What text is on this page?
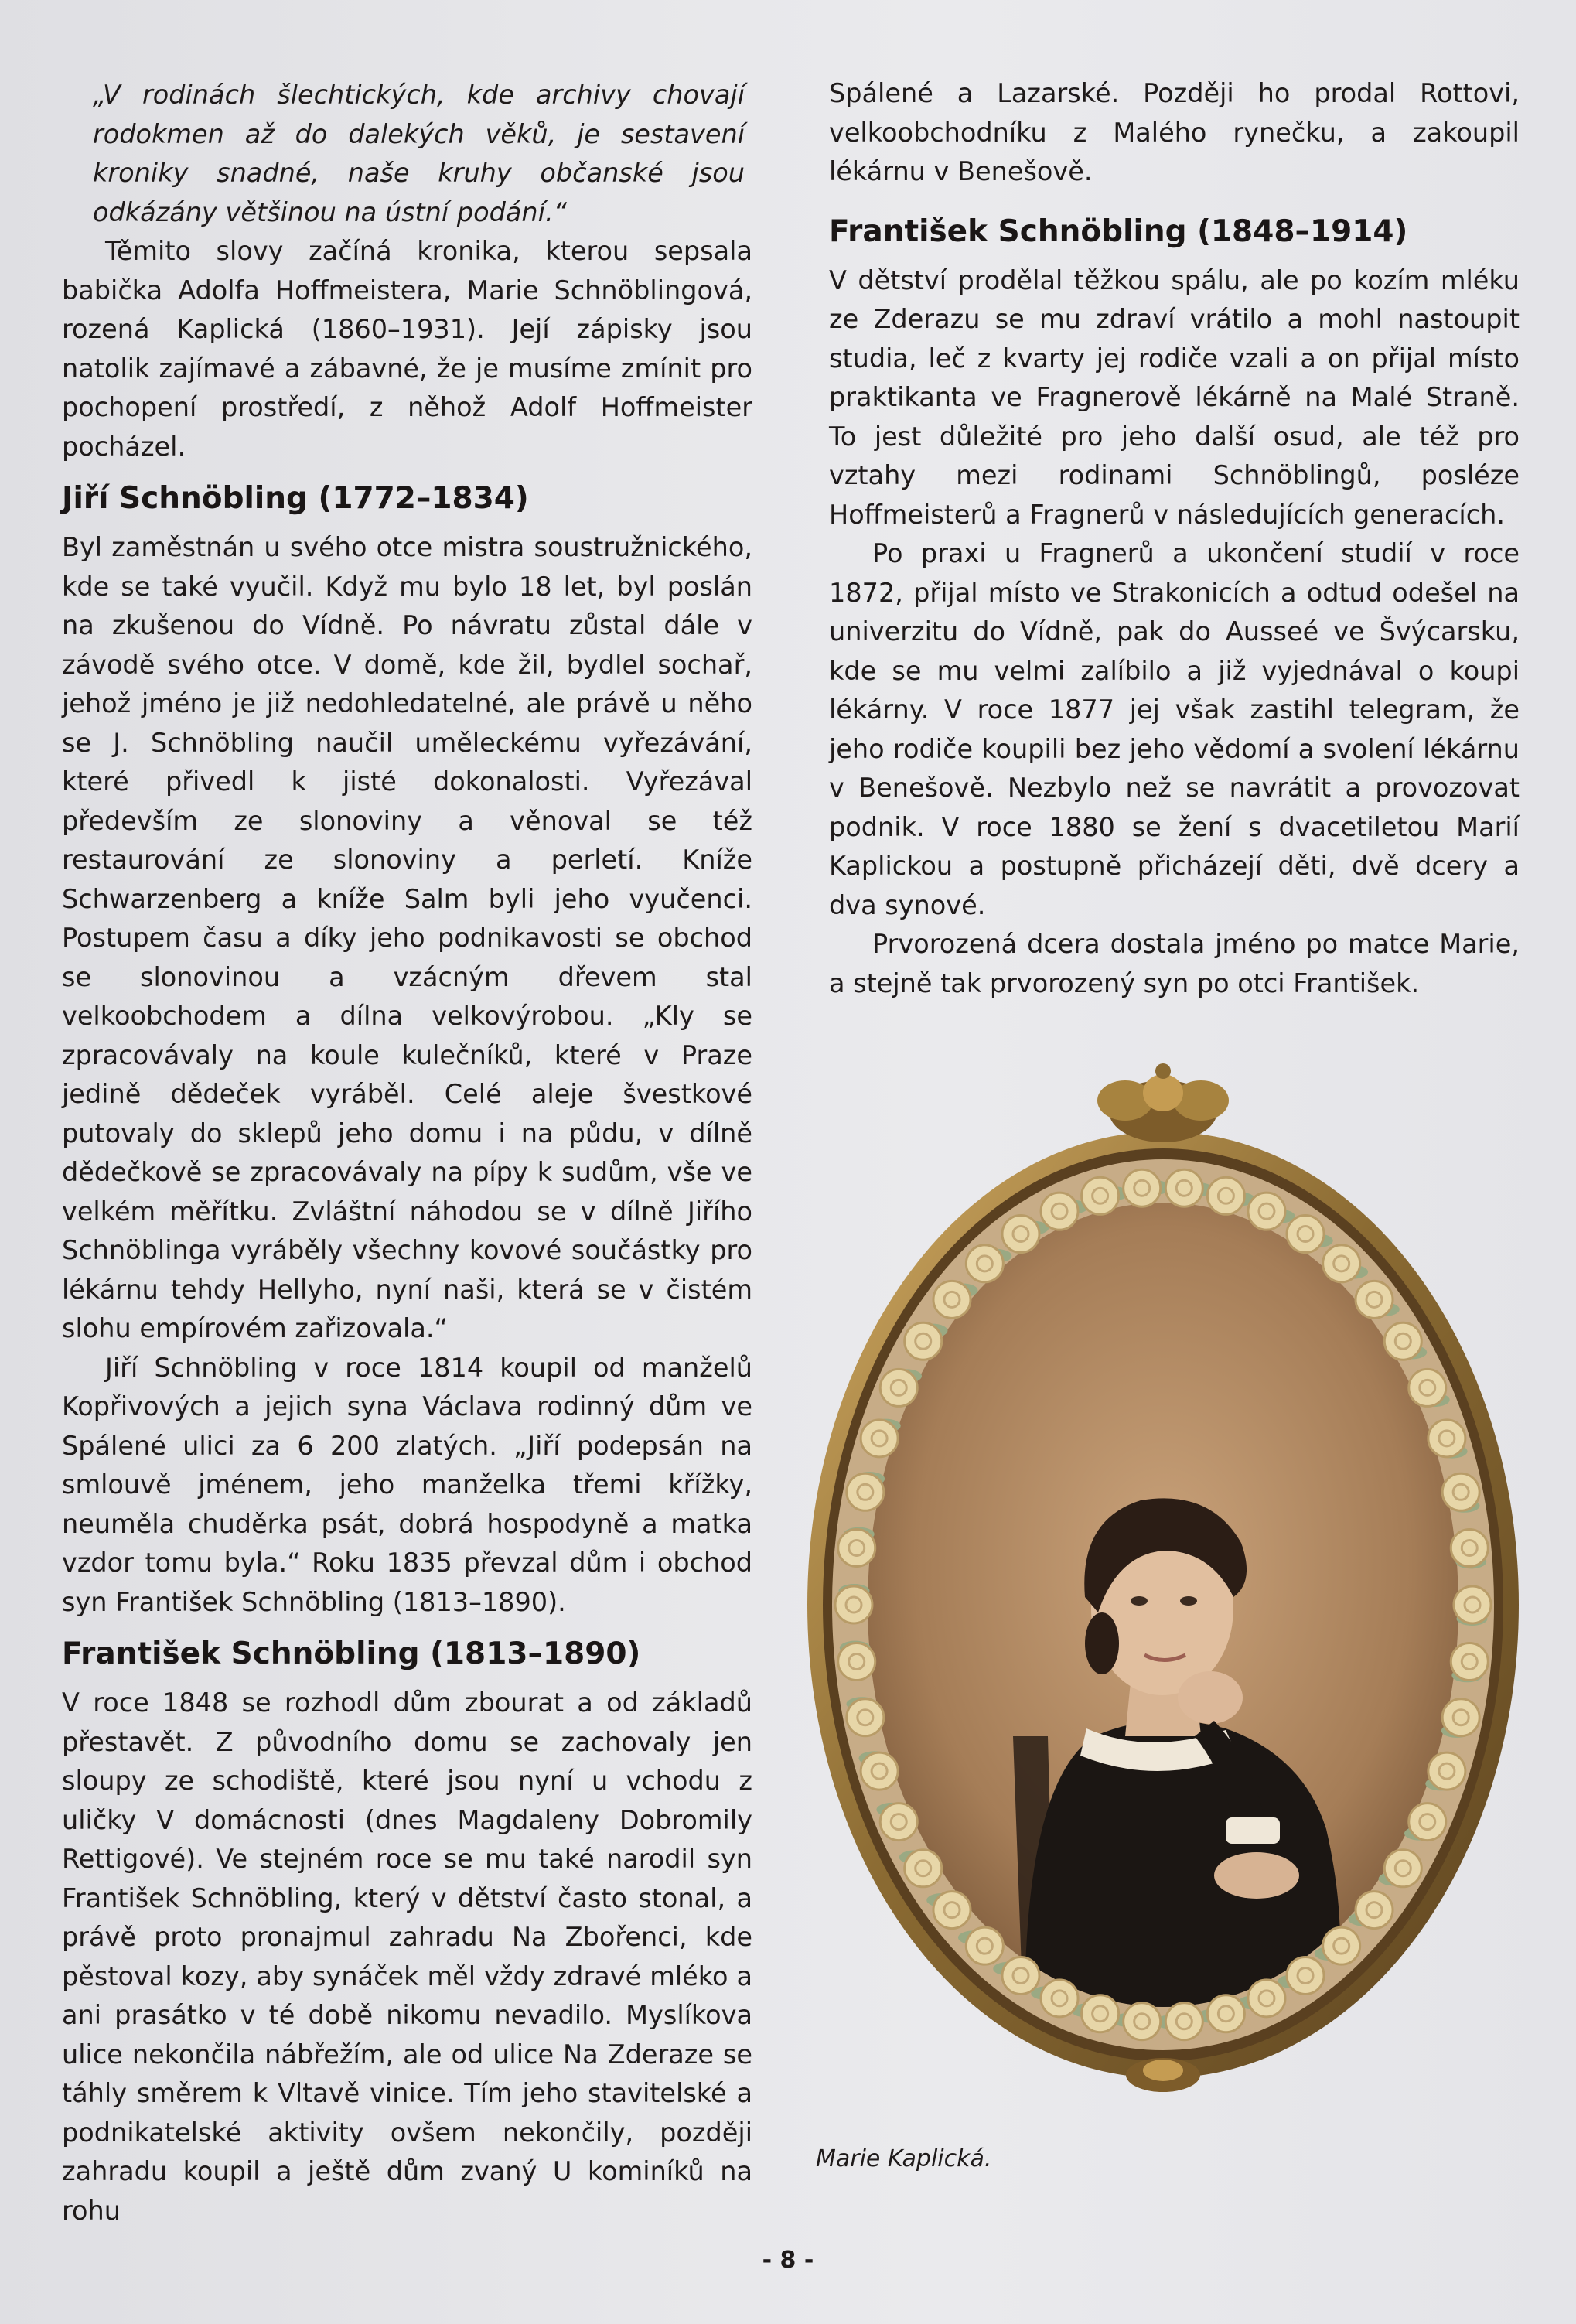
„V rodinách šlechtických, kde archivy chovají rodokmen až do dalekých věků, je sestavení kroniky snadné, naše kruhy občanské jsou odkázány většinou na ústní podání.“

Těmito slovy začíná kronika, kterou sepsala babička Adolfa Hoffmeistera, Marie Schnöblingová, rozená Kaplická (1860–1931). Její zápisky jsou natolik zajímavé a zábavné, že je musíme zmínit pro pochopení prostředí, z něhož Adolf Hoffmeister pocházel.

Jiří Schnöbling (1772–1834)

Byl zaměstnán u svého otce mistra soustružnického, kde se také vyučil. Když mu bylo 18 let, byl poslán na zkušenou do Vídně. Po návratu zůstal dále v závodě svého otce. V domě, kde žil, bydlel sochař, jehož jméno je již nedohledatelné, ale právě u něho se J. Schnöbling naučil uměleckému vyřezávání, které přivedl k jisté dokonalosti. Vyřezával především ze slonoviny a věnoval se též restaurování ze slonoviny a perletí. Kníže Schwarzenberg a kníže Salm byli jeho vyučenci. Postupem času a díky jeho podnikavosti se obchod se slonovinou a vzácným dřevem stal velkoobchodem a dílna velkovýrobou. „Kly se zpracovávaly na koule kulečníků, které v Praze jedině dědeček vyráběl. Celé aleje švestkové putovaly do sklepů jeho domu i na půdu, v dílně dědečkově se zpracovávaly na pípy k sudům, vše ve velkém měřítku. Zvláštní náhodou se v dílně Jiřího Schnöblinga vyráběly všechny kovové součástky pro lékárnu tehdy Hellyho, nyní naši, která se v čistém slohu empírovém zařizovala.“

Jiří Schnöbling v roce 1814 koupil od manželů Kopřivových a jejich syna Václava rodinný dům ve Spálené ulici za 6 200 zlatých. „Jiří podepsán na smlouvě jménem, jeho manželka třemi křížky, neuměla chuděrka psát, dobrá hospodyně a matka vzdor tomu byla.“ Roku 1835 převzal dům i obchod syn František Schnöbling (1813–1890).

František Schnöbling (1813–1890)

V roce 1848 se rozhodl dům zbourat a od základů přestavět. Z původního domu se zachovaly jen sloupy ze schodiště, které jsou nyní u vchodu z uličky V domácnosti (dnes Magdaleny Dobromily Rettigové). Ve stejném roce se mu také narodil syn František Schnöbling, který v dětství často stonal, a právě proto pronajmul zahradu Na Zbořenci, kde pěstoval kozy, aby synáček měl vždy zdravé mléko a ani prasátko v té době nikomu nevadilo. Myslíkova ulice nekončila nábřežím, ale od ulice Na Zderaze se táhly směrem k Vltavě vinice. Tím jeho stavitelské a podnikatelské aktivity ovšem nekončily, později zahradu koupil a ještě dům zvaný U kominíků na rohu

Spálené a Lazarské. Později ho prodal Rottovi, velkoobchodníku z Malého rynečku, a zakoupil lékárnu v Benešově.

František Schnöbling (1848–1914)

V dětství prodělal těžkou spálu, ale po kozím mléku ze Zderazu se mu zdraví vrátilo a mohl nastoupit studia, leč z kvarty jej rodiče vzali a on přijal místo praktikanta ve Fragnerově lékárně na Malé Straně. To jest důležité pro jeho další osud, ale též pro vztahy mezi rodinami Schnöblingů, posléze Hoffmeisterů a Fragnerů v následujících generacích.

Po praxi u Fragnerů a ukončení studií v roce 1872, přijal místo ve Strakonicích a odtud odešel na univerzitu do Vídně, pak do Ausseé ve Švýcarsku, kde se mu velmi zalíbilo a již vyjednával o koupi lékárny. V roce 1877 jej však zastihl telegram, že jeho rodiče koupili bez jeho vědomí a svolení lékárnu v Benešově. Nezbylo než se navrátit a provozovat podnik. V roce 1880 se žení s dvacetiletou Marií Kaplickou a postupně přicházejí děti, dvě dcery a dva synové.

Prvorozená dcera dostala jméno po matce Marie, a stejně tak prvorozený syn po otci František.

Marie Kaplická.
- 8 -
